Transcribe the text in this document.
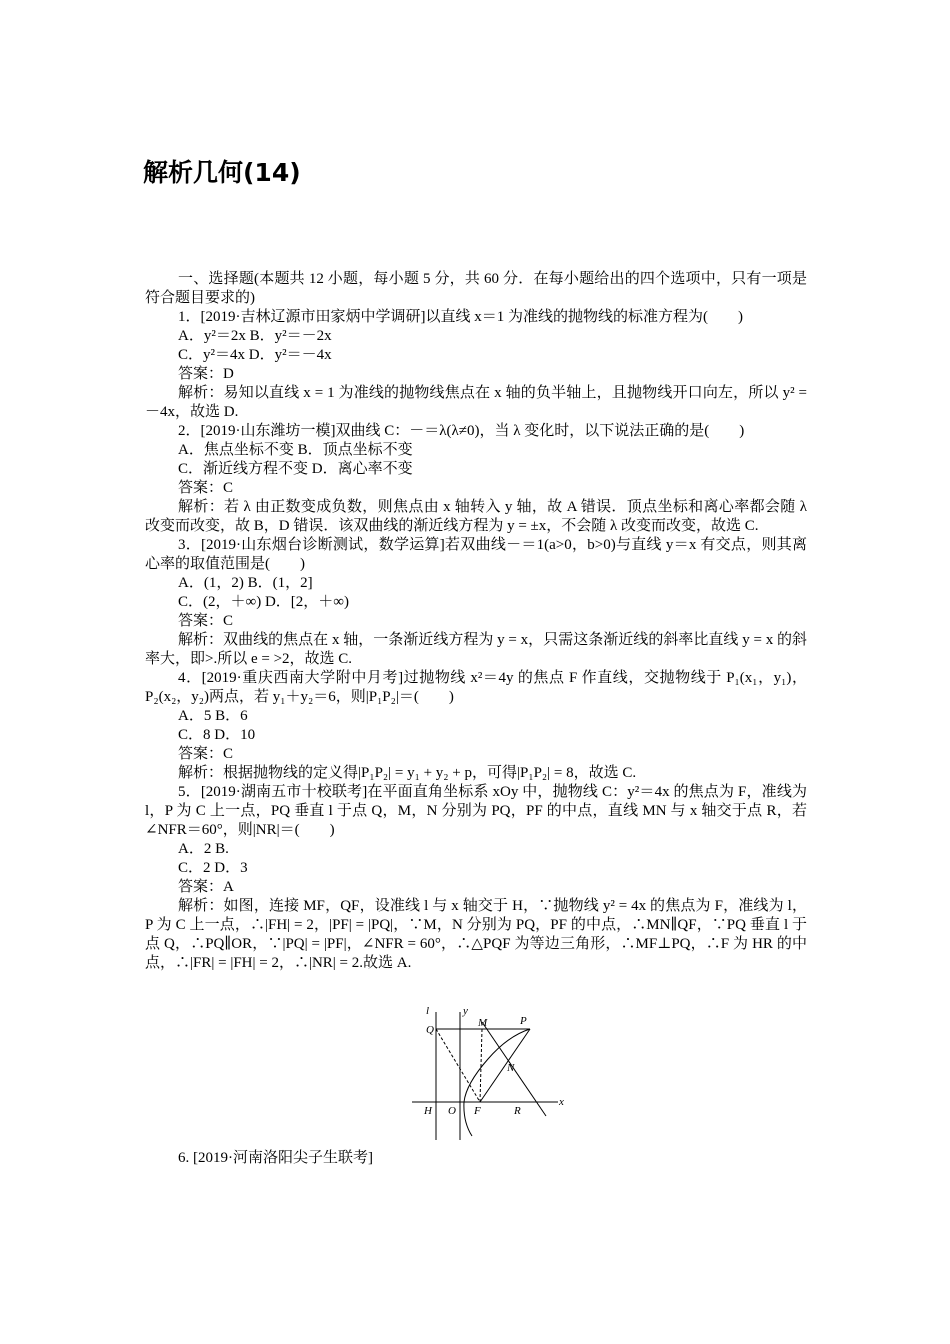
解析几何(14)

一、选择题(本题共 12 小题，每小题 5 分，共 60 分．在每小题给出的四个选项中，只有一项是符合题目要求的)

1．[2019·吉林辽源市田家炳中学调研]以直线 x＝1 为准线的抛物线的标准方程为(　　)

A．y²＝2x B．y²＝－2x

C．y²＝4x D．y²＝－4x

答案：D

解析：易知以直线 x = 1 为准线的抛物线焦点在 x 轴的负半轴上，且抛物线开口向左，所以 y² = －4x，故选 D.

2．[2019·山东潍坊一模]双曲线 C：－＝λ(λ≠0)，当 λ 变化时，以下说法正确的是(　　)

A．焦点坐标不变 B．顶点坐标不变

C．渐近线方程不变 D．离心率不变

答案：C

解析：若 λ 由正数变成负数，则焦点由 x 轴转入 y 轴，故 A 错误．顶点坐标和离心率都会随 λ 改变而改变，故 B，D 错误．该双曲线的渐近线方程为 y = ±x，不会随 λ 改变而改变，故选 C.

3．[2019·山东烟台诊断测试，数学运算]若双曲线－＝1(a>0，b>0)与直线 y＝x 有交点，则其离心率的取值范围是(　　)

A．(1，2) B．(1，2]

C．(2，＋∞) D．[2，＋∞)

答案：C

解析：双曲线的焦点在 x 轴，一条渐近线方程为 y = x，只需这条渐近线的斜率比直线 y = x 的斜率大，即>.所以 e = >2，故选 C.

4．[2019·重庆西南大学附中月考]过抛物线 x²＝4y 的焦点 F 作直线，交抛物线于 P₁(x₁，y₁)，P₂(x₂，y₂)两点，若 y₁＋y₂＝6，则|P₁P₂|＝(　　)

A．5 B．6

C．8 D．10

答案：C

解析：根据抛物线的定义得|P₁P₂| = y₁ + y₂ + p，可得|P₁P₂| = 8，故选 C.

5．[2019·湖南五市十校联考]在平面直角坐标系 xOy 中，抛物线 C：y²＝4x 的焦点为 F，准线为 l，P 为 C 上一点，PQ 垂直 l 于点 Q，M，N 分别为 PQ，PF 的中点，直线 MN 与 x 轴交于点 R，若∠NFR＝60°，则|NR|＝(　　)

A．2 B.

C．2 D．3

答案：A

解析：如图，连接 MF，QF，设准线 l 与 x 轴交于 H，∵抛物线 y² = 4x 的焦点为 F，准线为 l，P 为 C 上一点，∴|FH| = 2，|PF| = |PQ|，∵M，N 分别为 PQ，PF 的中点，∴MN∥QF，∵PQ 垂直 l 于点 Q，∴PQ∥OR，∵|PQ| = |PF|，∠NFR = 60°，∴△PQF 为等边三角形，∴MF⊥PQ，∴F 为 HR 的中点，∴|FR| = |FH| = 2，∴|NR| = 2.故选 A.

l	y
Q
M	P
N
H O F	R
x
6. [2019·河南洛阳尖子生联考]
